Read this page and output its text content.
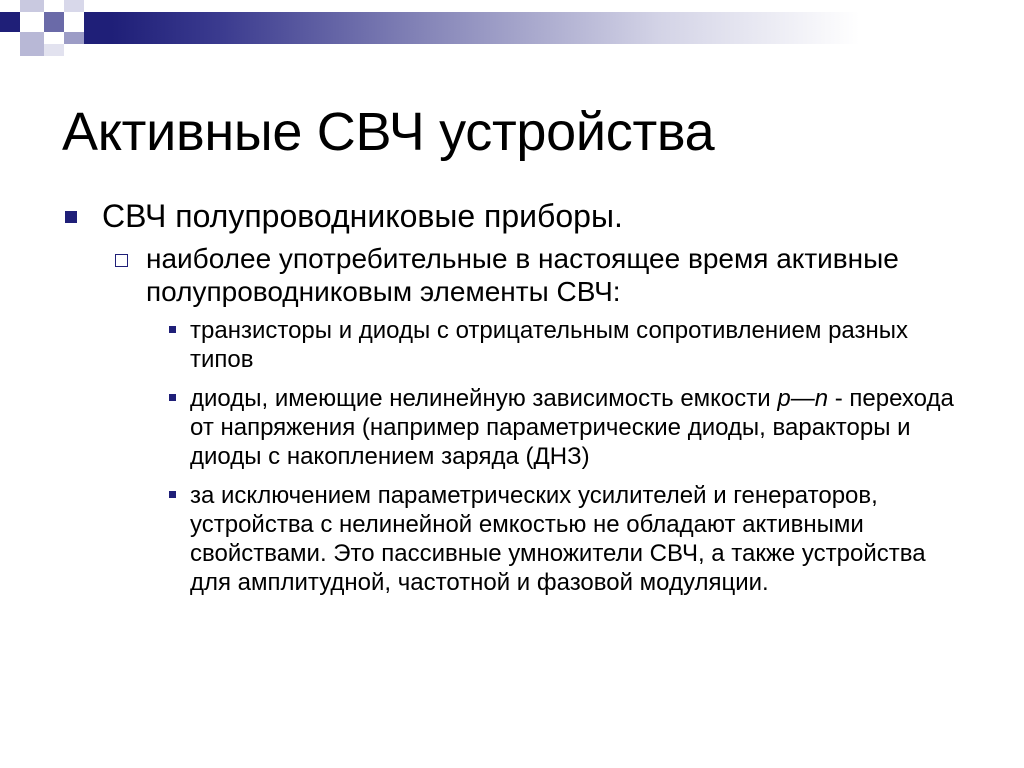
Активные СВЧ устройства
СВЧ полупроводниковые приборы.
наиболее употребительные в настоящее время активные полупроводниковым элементы СВЧ:
транзисторы и диоды с отрицательным сопротивлением разных типов
диоды, имеющие нелинейную зависимость емкости p—n - перехода от напряжения (например параметрические диоды, варакторы и диоды с накоплением заряда (ДНЗ)
за исключением параметрических усилителей и генераторов, устройства с нелинейной емкостью не обладают активными свойствами. Это пассивные умножители СВЧ, а также устройства для амплитудной, частотной и фазовой модуляции.
